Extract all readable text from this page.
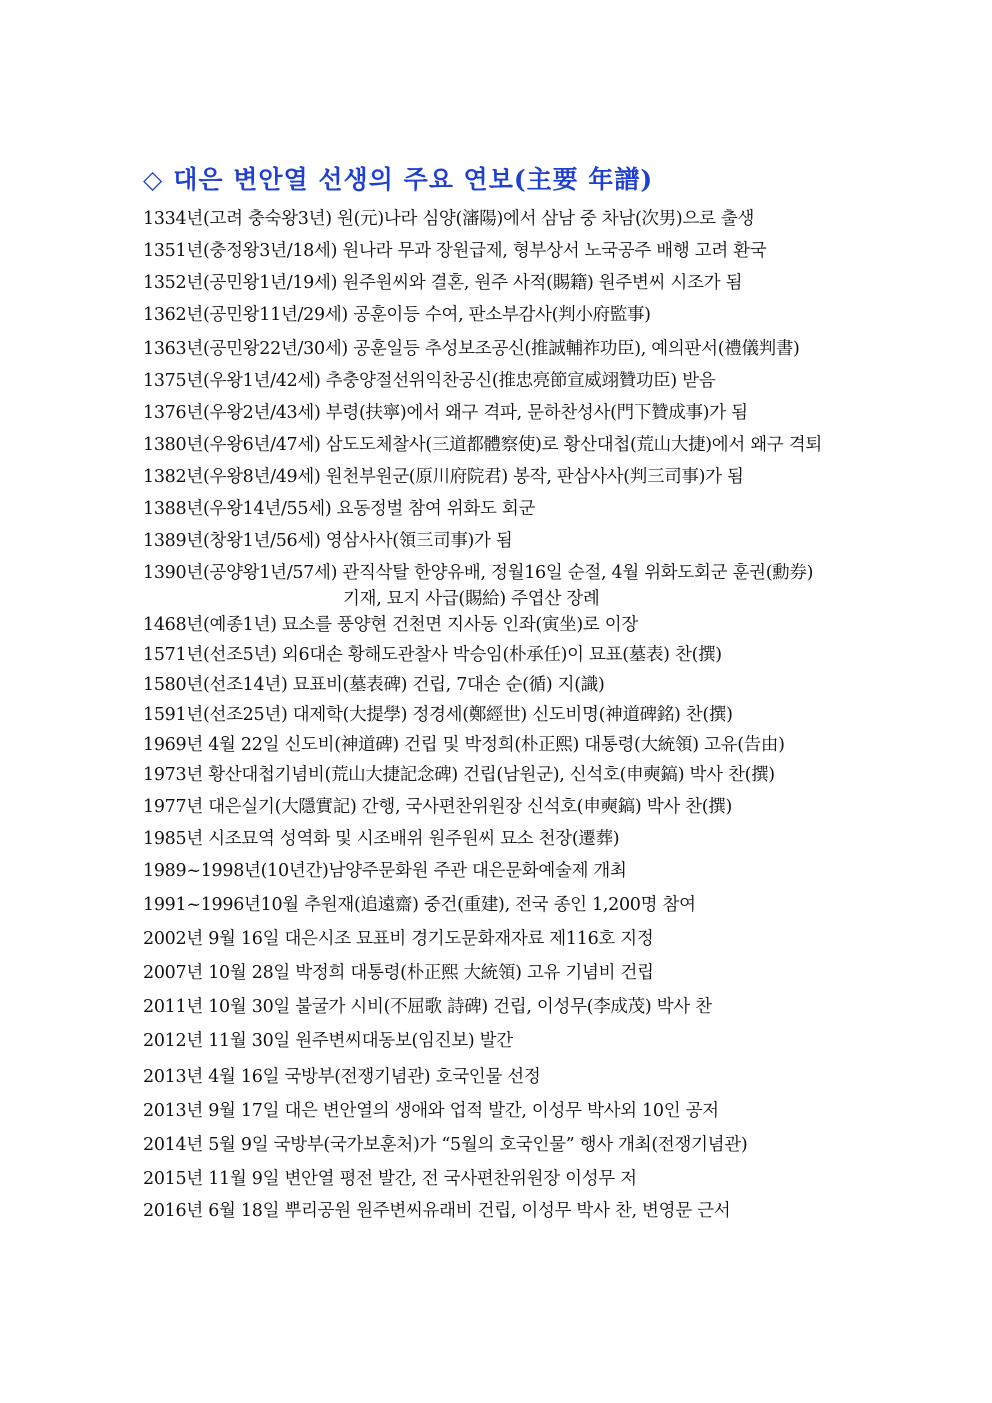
◇ 대은 변안열 선생의 주요 연보(主要 年譜)
1334년(고려 충숙왕3년) 원(元)나라 심양(瀋陽)에서 삼남 중 차남(次男)으로 출생
1351년(충정왕3년/18세) 원나라 무과 장원급제, 형부상서 노국공주 배행 고려 환국
1352년(공민왕1년/19세) 원주원씨와 결혼, 원주 사적(賜籍) 원주변씨 시조가 됨
1362년(공민왕11년/29세) 공훈이등 수여, 판소부감사(判小府監事)
1363년(공민왕22년/30세) 공훈일등 추성보조공신(推誠輔祚功臣), 예의판서(禮儀判書)
1375년(우왕1년/42세) 추충양절선위익찬공신(推忠亮節宣威翊贊功臣) 받음
1376년(우왕2년/43세) 부령(扶寧)에서 왜구 격파, 문하찬성사(門下贊成事)가 됨
1380년(우왕6년/47세) 삼도도체찰사(三道都體察使)로 황산대첩(荒山大捷)에서 왜구 격퇴
1382년(우왕8년/49세) 원천부원군(原川府院君) 봉작, 판삼사사(判三司事)가 됨
1388년(우왕14년/55세) 요동정벌 참여 위화도 회군
1389년(창왕1년/56세) 영삼사사(領三司事)가 됨
1390년(공양왕1년/57세) 관직삭탈 한양유배, 정월16일 순절, 4월 위화도회군 훈권(勳券)
기재, 묘지 사급(賜給) 주엽산 장례
1468년(예종1년) 묘소를 풍양현 건천면 지사동 인좌(寅坐)로 이장
1571년(선조5년) 외6대손 황해도관찰사 박승임(朴承任)이 묘표(墓表) 찬(撰)
1580년(선조14년) 묘표비(墓表碑) 건립, 7대손 순(循) 지(識)
1591년(선조25년) 대제학(大提學) 정경세(鄭經世) 신도비명(神道碑銘) 찬(撰)
1969년 4월 22일 신도비(神道碑) 건립 및 박정희(朴正熙) 대통령(大統領) 고유(告由)
1973년 황산대첩기념비(荒山大捷記念碑) 건립(남원군), 신석호(申奭鎬) 박사 찬(撰)
1977년 대은실기(大隱實記) 간행, 국사편찬위원장 신석호(申奭鎬) 박사 찬(撰)
1985년 시조묘역 성역화 및 시조배위 원주원씨 묘소 천장(遷葬)
1989~1998년(10년간)남양주문화원 주관 대은문화예술제 개최
1991~1996년10월 추원재(追遠齋) 중건(重建), 전국 종인 1,200명 참여
2002년 9월 16일 대은시조 묘표비 경기도문화재자료 제116호 지정
2007년 10월 28일 박정희 대통령(朴正熙 大統領) 고유 기념비 건립
2011년 10월 30일 불굴가 시비(不屈歌 詩碑) 건립, 이성무(李成茂) 박사 찬
2012년 11월 30일 원주변씨대동보(임진보) 발간
2013년 4월 16일 국방부(전쟁기념관) 호국인물 선정
2013년 9월 17일 대은 변안열의 생애와 업적 발간, 이성무 박사외 10인 공저
2014년 5월 9일 국방부(국가보훈처)가 “5월의 호국인물” 행사 개최(전쟁기념관)
2015년 11월 9일 변안열 평전 발간, 전 국사편찬위원장 이성무 저
2016년 6월 18일 뿌리공원 원주변씨유래비 건립, 이성무 박사 찬, 변영문 근서
